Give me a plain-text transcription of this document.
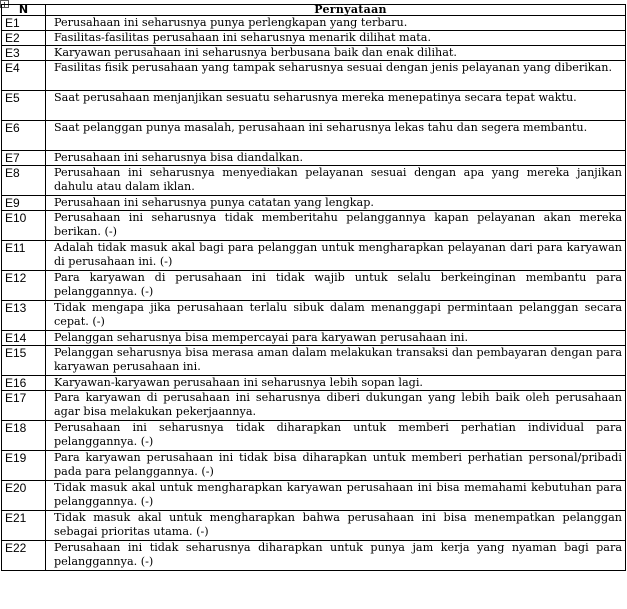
N	Pernyataan
E1	Perusahaan ini seharusnya punya perlengkapan yang terbaru.
E2	Fasilitas-fasilitas perusahaan ini seharusnya menarik dilihat mata.
E3	Karyawan perusahaan ini seharusnya berbusana baik dan enak dilihat.
E4	Fasilitas fisik perusahaan yang tampak seharusnya sesuai dengan jenis pelayanan yang diberikan.
E5	Saat perusahaan menjanjikan sesuatu seharusnya mereka menepatinya secara tepat waktu.
E6	Saat pelanggan punya masalah, perusahaan ini seharusnya lekas tahu dan segera membantu.
E7	Perusahaan ini seharusnya bisa diandalkan.
E8	Perusahaan ini seharusnya menyediakan pelayanan sesuai dengan apa yang mereka janjikan dahulu atau dalam iklan.
E9	Perusahaan ini seharusnya punya catatan yang lengkap.
E10	Perusahaan ini seharusnya tidak memberitahu pelanggannya kapan pelayanan akan mereka berikan. (-)
E11	Adalah tidak masuk akal bagi para pelanggan untuk mengharapkan pelayanan dari para karyawan di perusahaan ini. (-)
E12	Para karyawan di perusahaan ini tidak wajib untuk selalu berkeinginan membantu para pelanggannya. (-)
E13	Tidak mengapa jika perusahaan terlalu sibuk dalam menanggapi permintaan pelanggan secara cepat. (-)
E14	Pelanggan seharusnya bisa mempercayai para karyawan perusahaan ini.
E15	Pelanggan seharusnya bisa merasa aman dalam melakukan transaksi dan pembayaran dengan para karyawan perusahaan ini.
E16	Karyawan-karyawan perusahaan ini seharusnya lebih sopan lagi.
E17	Para karyawan di perusahaan ini seharusnya diberi dukungan yang lebih baik oleh perusahaan agar bisa melakukan pekerjaannya.
E18	Perusahaan ini seharusnya tidak diharapkan untuk memberi perhatian individual para pelanggannya. (-)
E19	Para karyawan perusahaan ini tidak bisa diharapkan untuk memberi perhatian personal/pribadi pada para pelanggannya. (-)
E20	Tidak masuk akal untuk mengharapkan karyawan perusahaan ini bisa memahami kebutuhan para pelanggannya. (-)
E21	Tidak masuk akal untuk mengharapkan bahwa perusahaan ini bisa menempatkan pelanggan sebagai prioritas utama. (-)
E22	Perusahaan ini tidak seharusnya diharapkan untuk punya jam kerja yang nyaman bagi para pelanggannya. (-)
